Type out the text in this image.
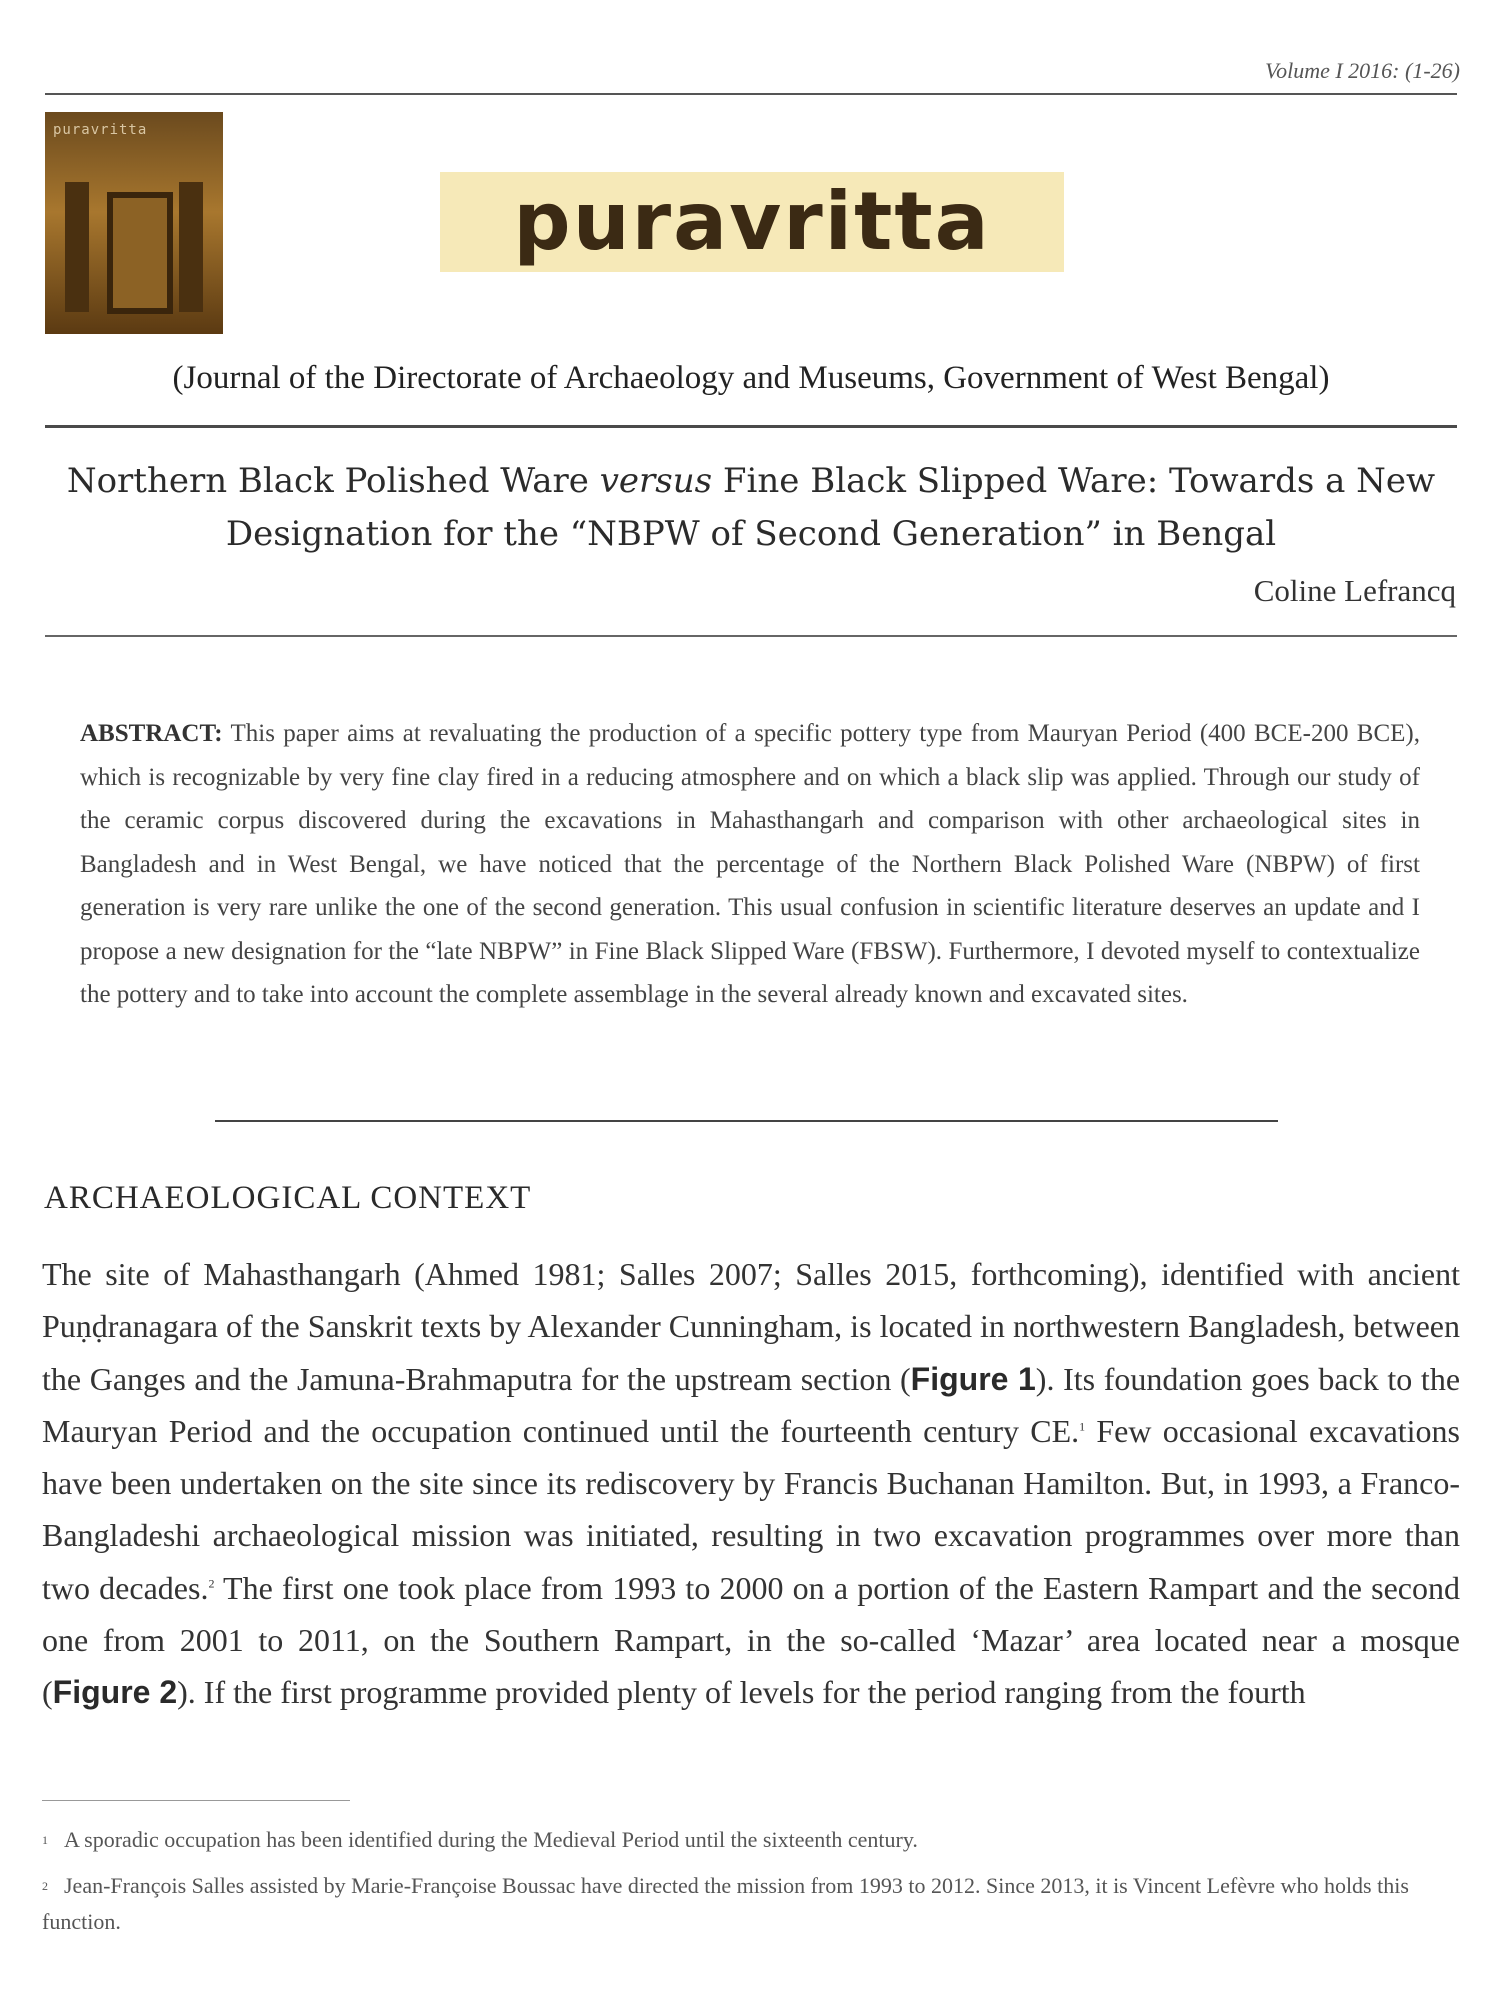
Volume I 2016: (1-26)
puravritta
puravritta
(Journal of the Directorate of Archaeology and Museums, Government of West Bengal)
Northern Black Polished Ware versus Fine Black Slipped Ware: Towards a New Designation for the “NBPW of Second Generation” in Bengal
Coline Lefrancq
ABSTRACT: This paper aims at revaluating the production of a specific pottery type from Mauryan Period (400 BCE-200 BCE), which is recognizable by very fine clay fired in a reducing atmosphere and on which a black slip was applied. Through our study of the ceramic corpus discovered during the excavations in Mahasthangarh and comparison with other archaeological sites in Bangladesh and in West Bengal, we have noticed that the percentage of the Northern Black Polished Ware (NBPW) of first generation is very rare unlike the one of the second generation. This usual confusion in scientific literature deserves an update and I propose a new designation for the “late NBPW” in Fine Black Slipped Ware (FBSW). Furthermore, I devoted myself to contextualize the pottery and to take into account the complete assemblage in the several already known and excavated sites.
ARCHAEOLOGICAL CONTEXT
The site of Mahasthangarh (Ahmed 1981; Salles 2007; Salles 2015, forthcoming), identified with ancient Puṇḍranagara of the Sanskrit texts by Alexander Cunningham, is located in northwestern Bangladesh, between the Ganges and the Jamuna-Brahmaputra for the upstream section (Figure 1). Its foundation goes back to the Mauryan Period and the occupation continued until the fourteenth century CE.$^1$ Few occasional excavations have been undertaken on the site since its rediscovery by Francis Buchanan Hamilton. But, in 1993, a Franco-Bangladeshi archaeological mission was initiated, resulting in two excavation programmes over more than two decades.$^2$ The first one took place from 1993 to 2000 on a portion of the Eastern Rampart and the second one from 2001 to 2011, on the Southern Rampart, in the so-called ‘Mazar’ area located near a mosque (Figure 2). If the first programme provided plenty of levels for the period ranging from the fourth
1 A sporadic occupation has been identified during the Medieval Period until the sixteenth century.
2 Jean-François Salles assisted by Marie-Françoise Boussac have directed the mission from 1993 to 2012. Since 2013, it is Vincent Lefèvre who holds this function.
